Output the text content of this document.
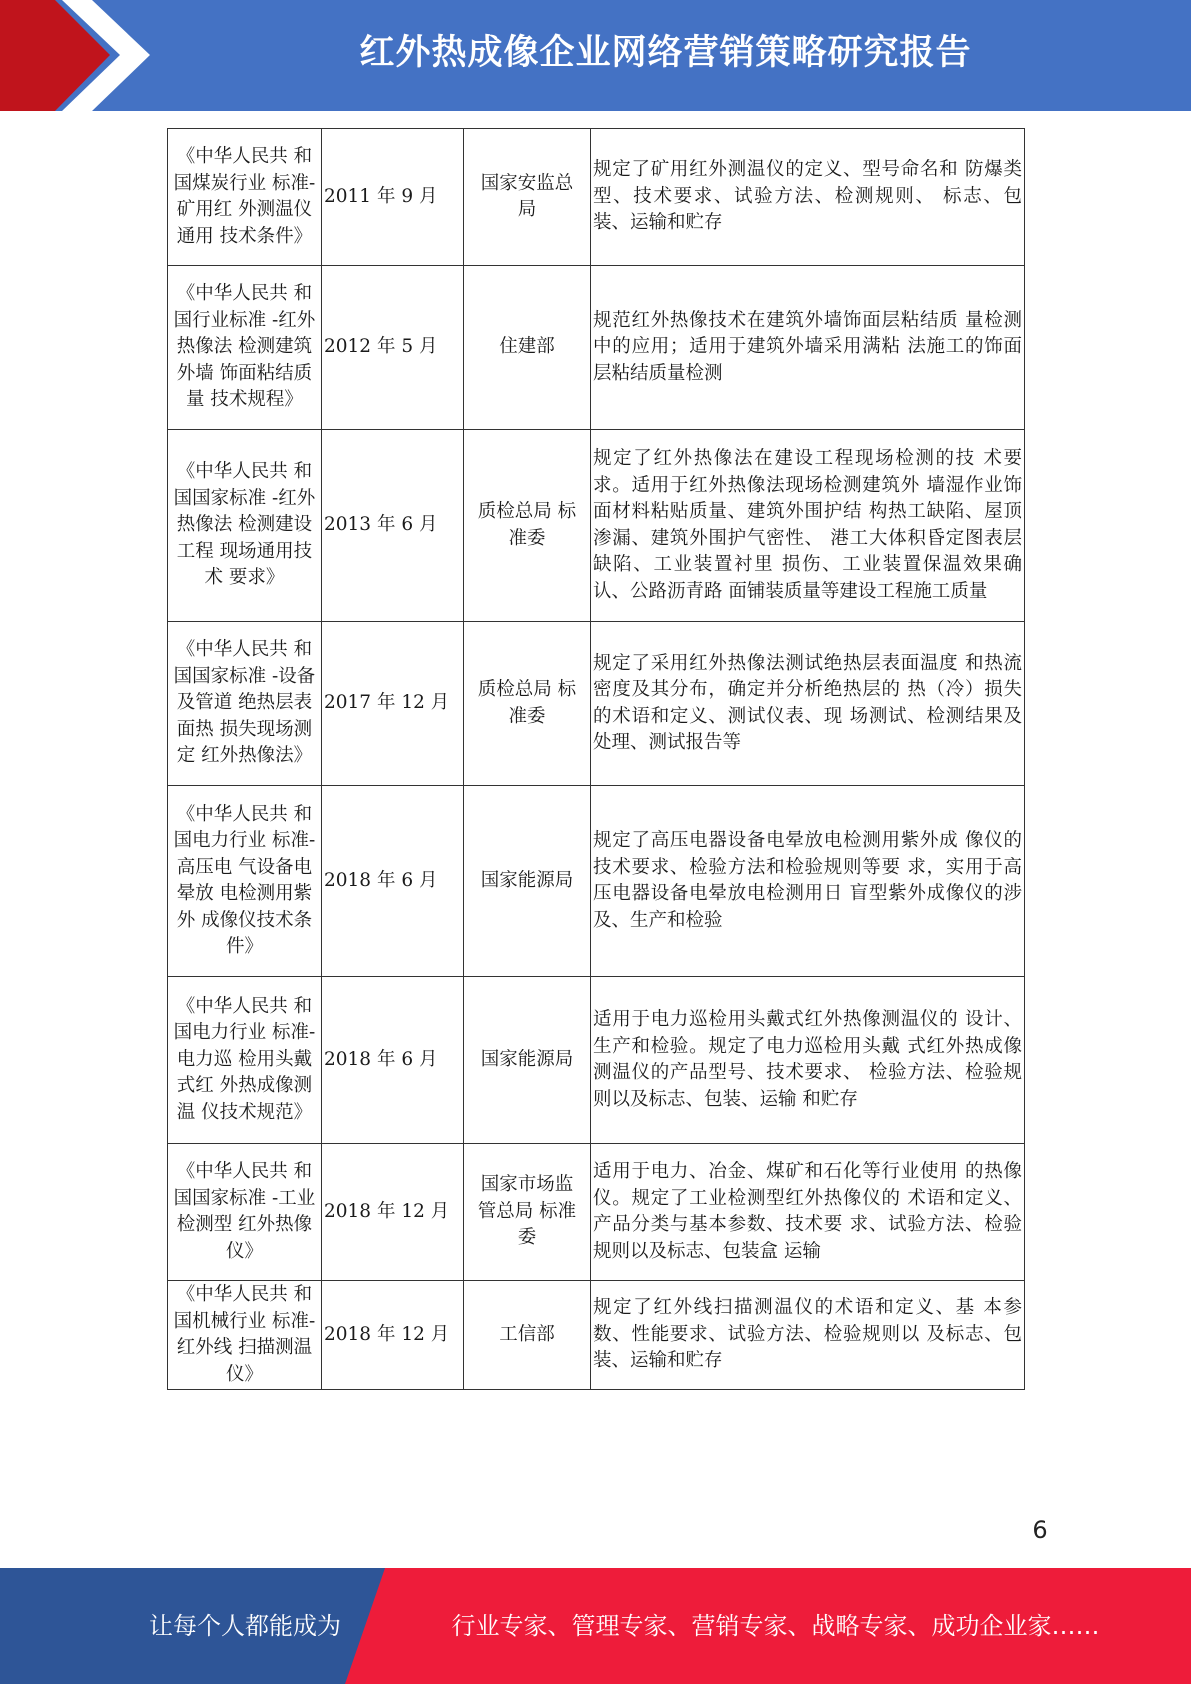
红外热成像企业网络营销策略研究报告
《中华人民共 和国煤炭行业 标准-矿用红 外测温仪通用 技术条件》	2011 年 9 月	国家安监总局	规定了矿用红外测温仪的定义、型号命名和 防爆类型、技术要求、试验方法、检测规则、 标志、包装、运输和贮存
《中华人民共 和国行业标准 -红外热像法 检测建筑外墙 饰面粘结质量 技术规程》	2012 年 5 月	住建部	规范红外热像技术在建筑外墙饰面层粘结质 量检测中的应用；适用于建筑外墙采用满粘 法施工的饰面层粘结质量检测
《中华人民共 和国国家标准 -红外热像法 检测建设工程 现场通用技术 要求》	2013 年 6 月	质检总局 标准委	规定了红外热像法在建设工程现场检测的技 术要求。适用于红外热像法现场检测建筑外 墙湿作业饰面材料粘贴质量、建筑外围护结 构热工缺陷、屋顶渗漏、建筑外围护气密性、 港工大体积昏定图表层缺陷、工业装置衬里 损伤、工业装置保温效果确认、公路沥青路 面铺装质量等建设工程施工质量
《中华人民共 和国国家标准 -设备及管道 绝热层表面热 损失现场测定 红外热像法》	2017 年 12 月	质检总局 标准委	规定了采用红外热像法测试绝热层表面温度 和热流密度及其分布，确定并分析绝热层的 热（冷）损失的术语和定义、测试仪表、现 场测试、检测结果及处理、测试报告等
《中华人民共 和国电力行业 标准-高压电 气设备电晕放 电检测用紫外 成像仪技术条 件》	2018 年 6 月	国家能源局	规定了高压电器设备电晕放电检测用紫外成 像仪的技术要求、检验方法和检验规则等要 求，实用于高压电器设备电晕放电检测用日 盲型紫外成像仪的涉及、生产和检验
《中华人民共 和国电力行业 标准-电力巡 检用头戴式红 外热成像测温 仪技术规范》	2018 年 6 月	国家能源局	适用于电力巡检用头戴式红外热像测温仪的 设计、生产和检验。规定了电力巡检用头戴 式红外热成像测温仪的产品型号、技术要求、 检验方法、检验规则以及标志、包装、运输 和贮存
《中华人民共 和国国家标准 -工业检测型 红外热像仪》	2018 年 12 月	国家市场监管总局 标准委	适用于电力、冶金、煤矿和石化等行业使用 的热像仪。规定了工业检测型红外热像仪的 术语和定义、产品分类与基本参数、技术要 求、试验方法、检验规则以及标志、包装盒 运输
《中华人民共 和国机械行业 标准-红外线 扫描测温仪》	2018 年 12 月	工信部	规定了红外线扫描测温仪的术语和定义、基 本参数、性能要求、试验方法、检验规则以 及标志、包装、运输和贮存
6
让每个人都能成为	行业专家、管理专家、营销专家、战略专家、成功企业家……
